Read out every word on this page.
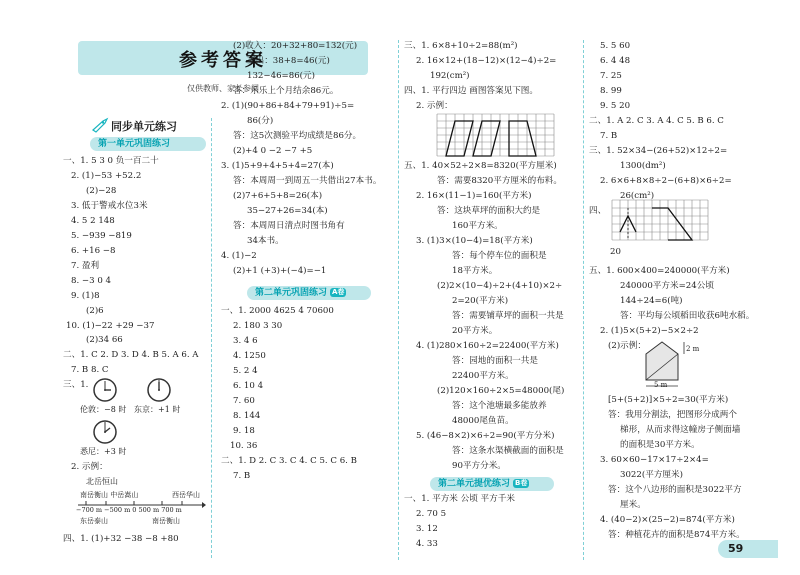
参考答案
仅供教师、家长参阅
同步单元练习
第一单元巩固练习
一、1. 5 3 0 负一百二十
2. (1)−53 +52.2
(2)−28
3. 低于警戒水位3米
4. 5 2 148
5. −939 −819
6. +16 −8
7. 盈利
8. −3 0 4
9. (1)8
(2)6
10. (1)−22 +29 −37
(2)34 66
二、1. C 2. D 3. D 4. B 5. A 6. A
7. B 8. C
三、1.
伦敦：−8 时 东京：+1 时
悉尼：+3 时
2. 示例：
北岳恒山
南岳衡山 中岳嵩山	西岳华山
−700 m −500 m 0 500 m 700 m
东岳泰山	南岳衡山
四、1. (1)+32 −38 −8 +80
(2)收入：20+32+80=132(元)
支出：38+8=46(元)
132−46=86(元)
答：乐乐上个月结余86元。
2. (1)(90+86+84+79+91)÷5=
86(分)
答：这5次测验平均成绩是86分。
(2)+4 0 −2 −7 +5
3. (1)5+9+4+5+4=27(本)
答：本周周一到周五一共借出27本书。
(2)7+6+5+8=26(本)
35−27+26=34(本)
答：本周周日清点时图书角有
34本书。
4. (1)−2
(2)+1 (+3)+(−4)=−1
第二单元巩固练习 A卷
一、1. 2000 4625 4 70600
2. 180 3 30
3. 4 6
4. 1250
5. 2 4
6. 10 4
7. 60
8. 144
9. 18
10. 36
二、1. D 2. C 3. C 4. C 5. C 6. B
7. B
三、1. 6×8+10÷2=88(m²)
2. 16×12+(18−12)×(12−4)÷2=
192(cm²)
四、1. 平行四边 画图答案见下图。
2. 示例：
五、1. 40×52÷2×8=8320(平方厘米)
答：需要8320平方厘米的布料。
2. 16×(11−1)=160(平方米)
答：这块草坪的面积大约是
160平方米。
3. (1)3×(10−4)=18(平方米)
答：每个停车位的面积是
18平方米。
(2)2×(10−4)÷2+(4+10)×2÷
2=20(平方米)
答：需要铺草坪的面积一共是
20平方米。
4. (1)280×160÷2=22400(平方米)
答：园地的面积一共是
22400平方米。
(2)120×160÷2×5=48000(尾)
答：这个池塘最多能放养
48000尾鱼苗。
5. (46−8×2)×6÷2=90(平方分米)
答：这条水渠横截面的面积是
90平方分米。
第二单元提优练习 B卷
一、1. 平方米 公顷 平方千米
2. 70 5
3. 12
4. 33
5. 5 60
6. 4 48
7. 25
8. 99
9. 5 20
二、1. A 2. C 3. A 4. C 5. B 6. C
7. B
三、1. 52×34−(26+52)×12÷2=
1300(dm²)
2. 6×6+8×8÷2−(6+8)×6÷2=
26(cm²)
四、
20
五、1. 600×400=240000(平方米)
240000平方米=24公顷
144÷24=6(吨)
答：平均每公顷稻田收获6吨水稻。
2. (1)5×(5+2)−5×2÷2
(2)示例：	2 m
5 m
[5+(5+2)]×5÷2=30(平方米)
答：我用分割法，把图形分成两个
梯形，从而求得这幢房子侧面墙
的面积是30平方米。
3. 60×60−17×17÷2×4=
3022(平方厘米)
答：这个八边形的面积是3022平方
厘米。
4. (40−2)×(25−2)=874(平方米)
答：种植花卉的面积是874平方米。
59
